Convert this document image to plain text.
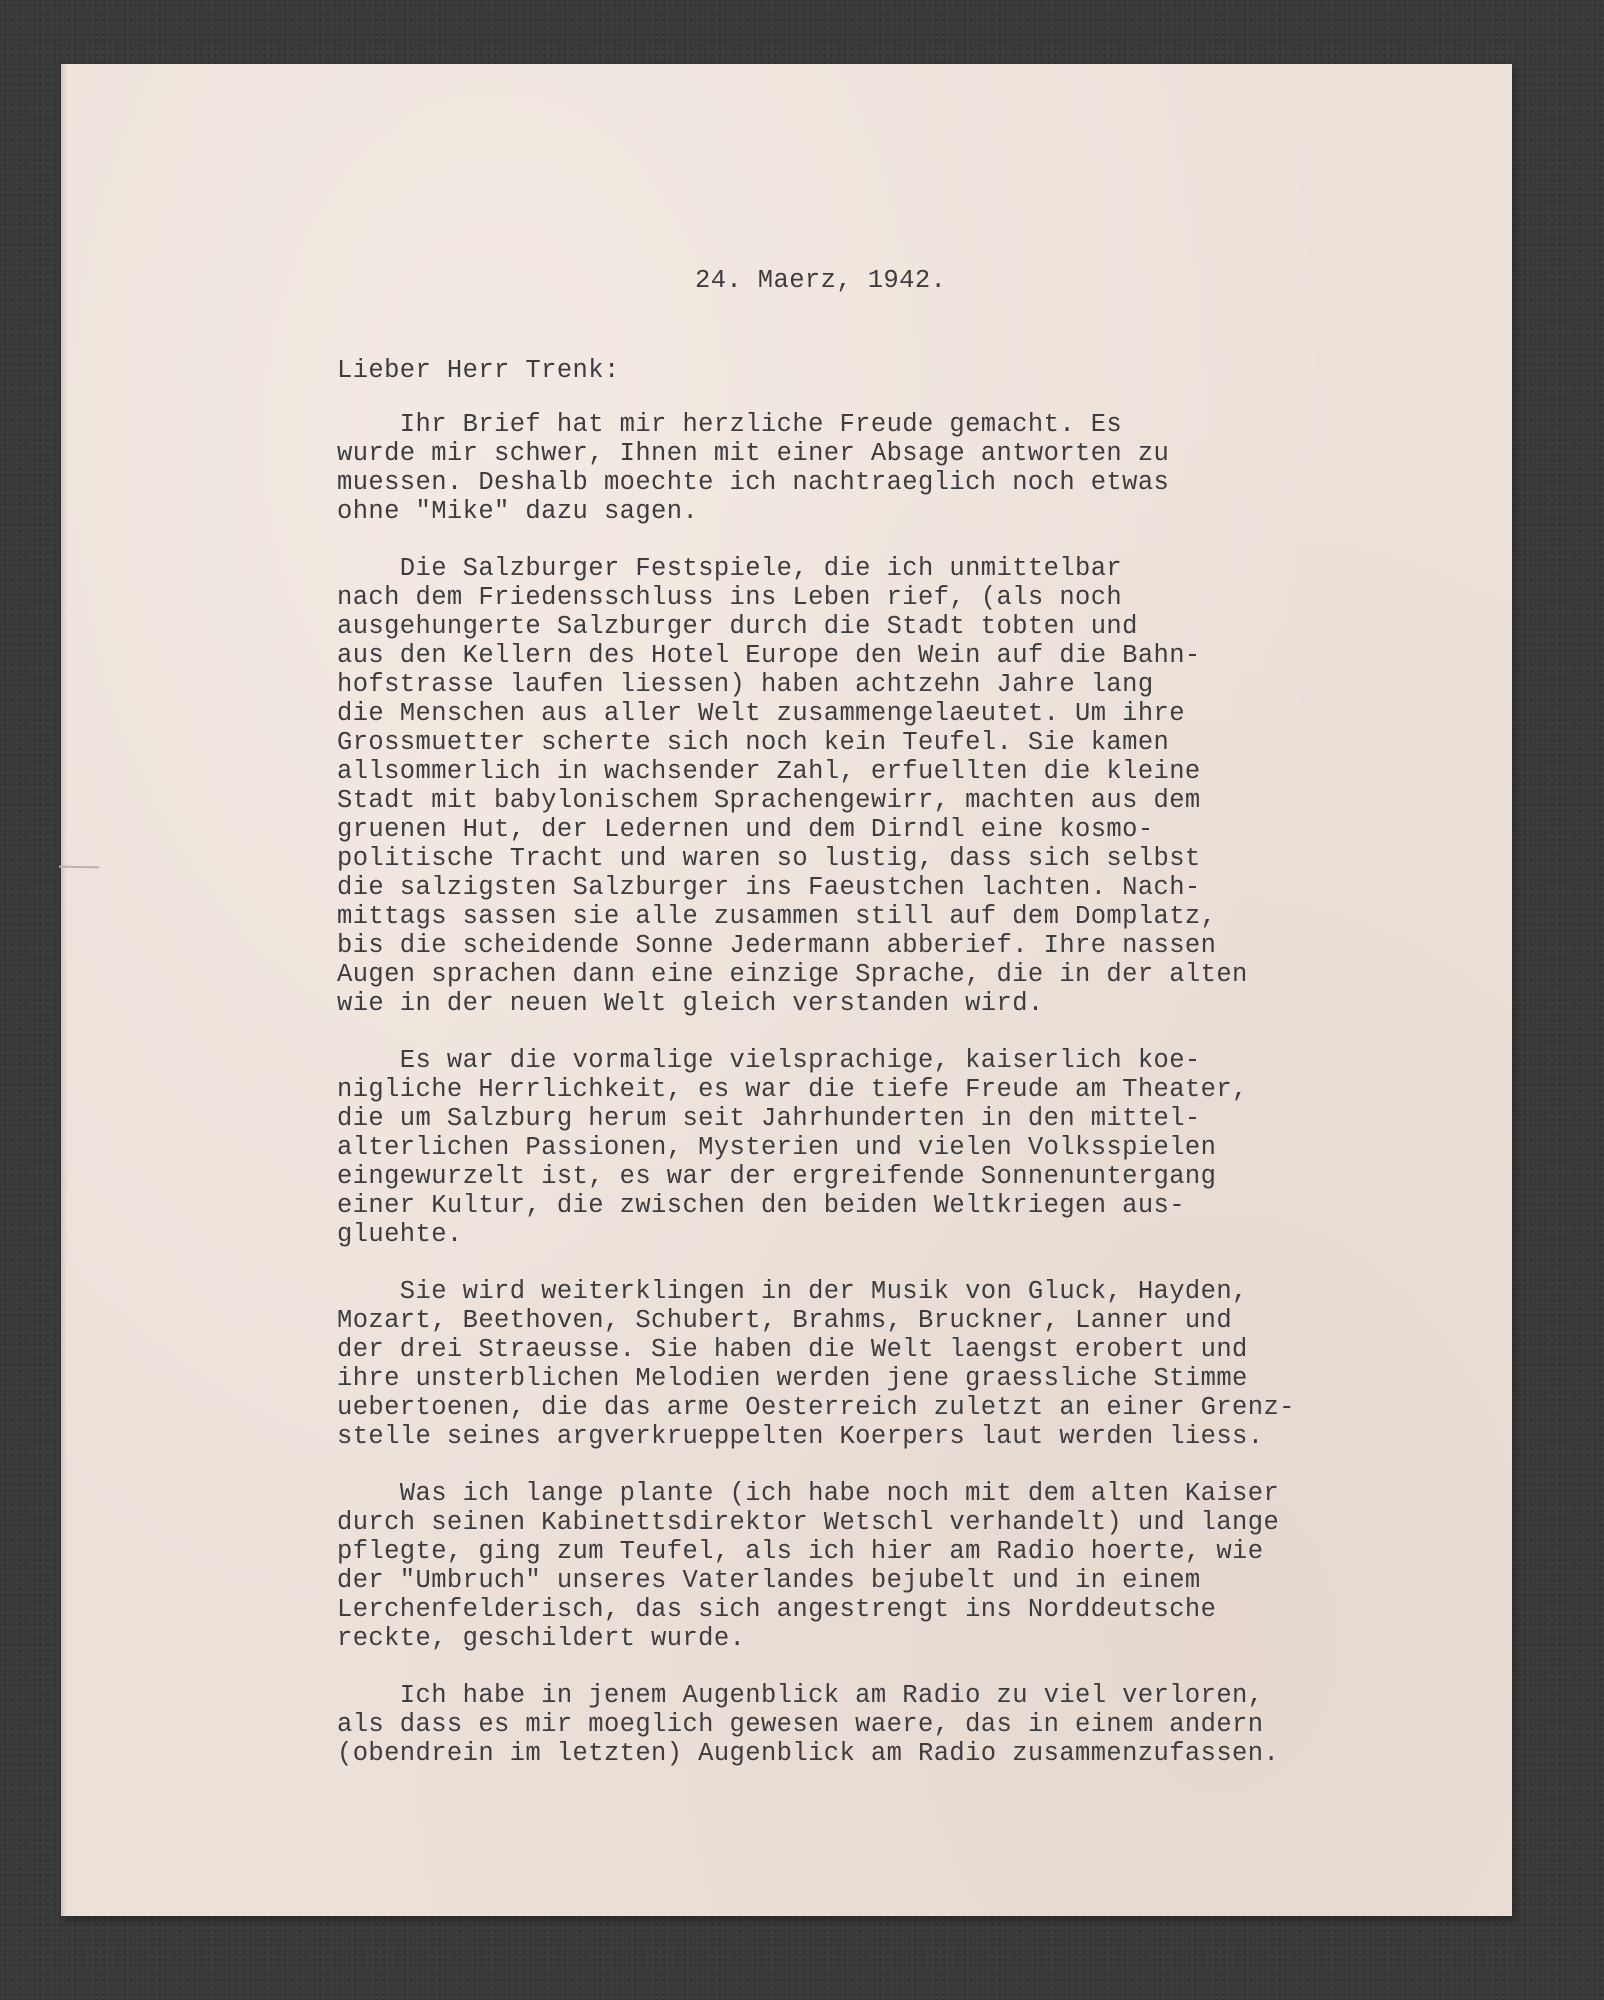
24. Maerz, 1942.
Lieber Herr Trenk:
Ihr Brief hat mir herzliche Freude gemacht. Es
wurde mir schwer, Ihnen mit einer Absage antworten zu
muessen. Deshalb moechte ich nachtraeglich noch etwas
ohne "Mike" dazu sagen.
Die Salzburger Festspiele, die ich unmittelbar
nach dem Friedensschluss ins Leben rief, (als noch
ausgehungerte Salzburger durch die Stadt tobten und
aus den Kellern des Hotel Europe den Wein auf die Bahn-
hofstrasse laufen liessen) haben achtzehn Jahre lang
die Menschen aus aller Welt zusammengelaeutet. Um ihre
Grossmuetter scherte sich noch kein Teufel. Sie kamen
allsommerlich in wachsender Zahl, erfuellten die kleine
Stadt mit babylonischem Sprachengewirr, machten aus dem
gruenen Hut, der Ledernen und dem Dirndl eine kosmo-
politische Tracht und waren so lustig, dass sich selbst
die salzigsten Salzburger ins Faeustchen lachten. Nach-
mittags sassen sie alle zusammen still auf dem Domplatz,
bis die scheidende Sonne Jedermann abberief. Ihre nassen
Augen sprachen dann eine einzige Sprache, die in der alten
wie in der neuen Welt gleich verstanden wird.
Es war die vormalige vielsprachige, kaiserlich koe-
nigliche Herrlichkeit, es war die tiefe Freude am Theater,
die um Salzburg herum seit Jahrhunderten in den mittel-
alterlichen Passionen, Mysterien und vielen Volksspielen
eingewurzelt ist, es war der ergreifende Sonnenuntergang
einer Kultur, die zwischen den beiden Weltkriegen aus-
gluehte.
Sie wird weiterklingen in der Musik von Gluck, Hayden,
Mozart, Beethoven, Schubert, Brahms, Bruckner, Lanner und
der drei Straeusse. Sie haben die Welt laengst erobert und
ihre unsterblichen Melodien werden jene graessliche Stimme
uebertoenen, die das arme Oesterreich zuletzt an einer Grenz-
stelle seines argverkrueppelten Koerpers laut werden liess.
Was ich lange plante (ich habe noch mit dem alten Kaiser
durch seinen Kabinettsdirektor Wetschl verhandelt) und lange
pflegte, ging zum Teufel, als ich hier am Radio hoerte, wie
der "Umbruch" unseres Vaterlandes bejubelt und in einem
Lerchenfelderisch, das sich angestrengt ins Norddeutsche
reckte, geschildert wurde.
Ich habe in jenem Augenblick am Radio zu viel verloren,
als dass es mir moeglich gewesen waere, das in einem andern
(obendrein im letzten) Augenblick am Radio zusammenzufassen.
